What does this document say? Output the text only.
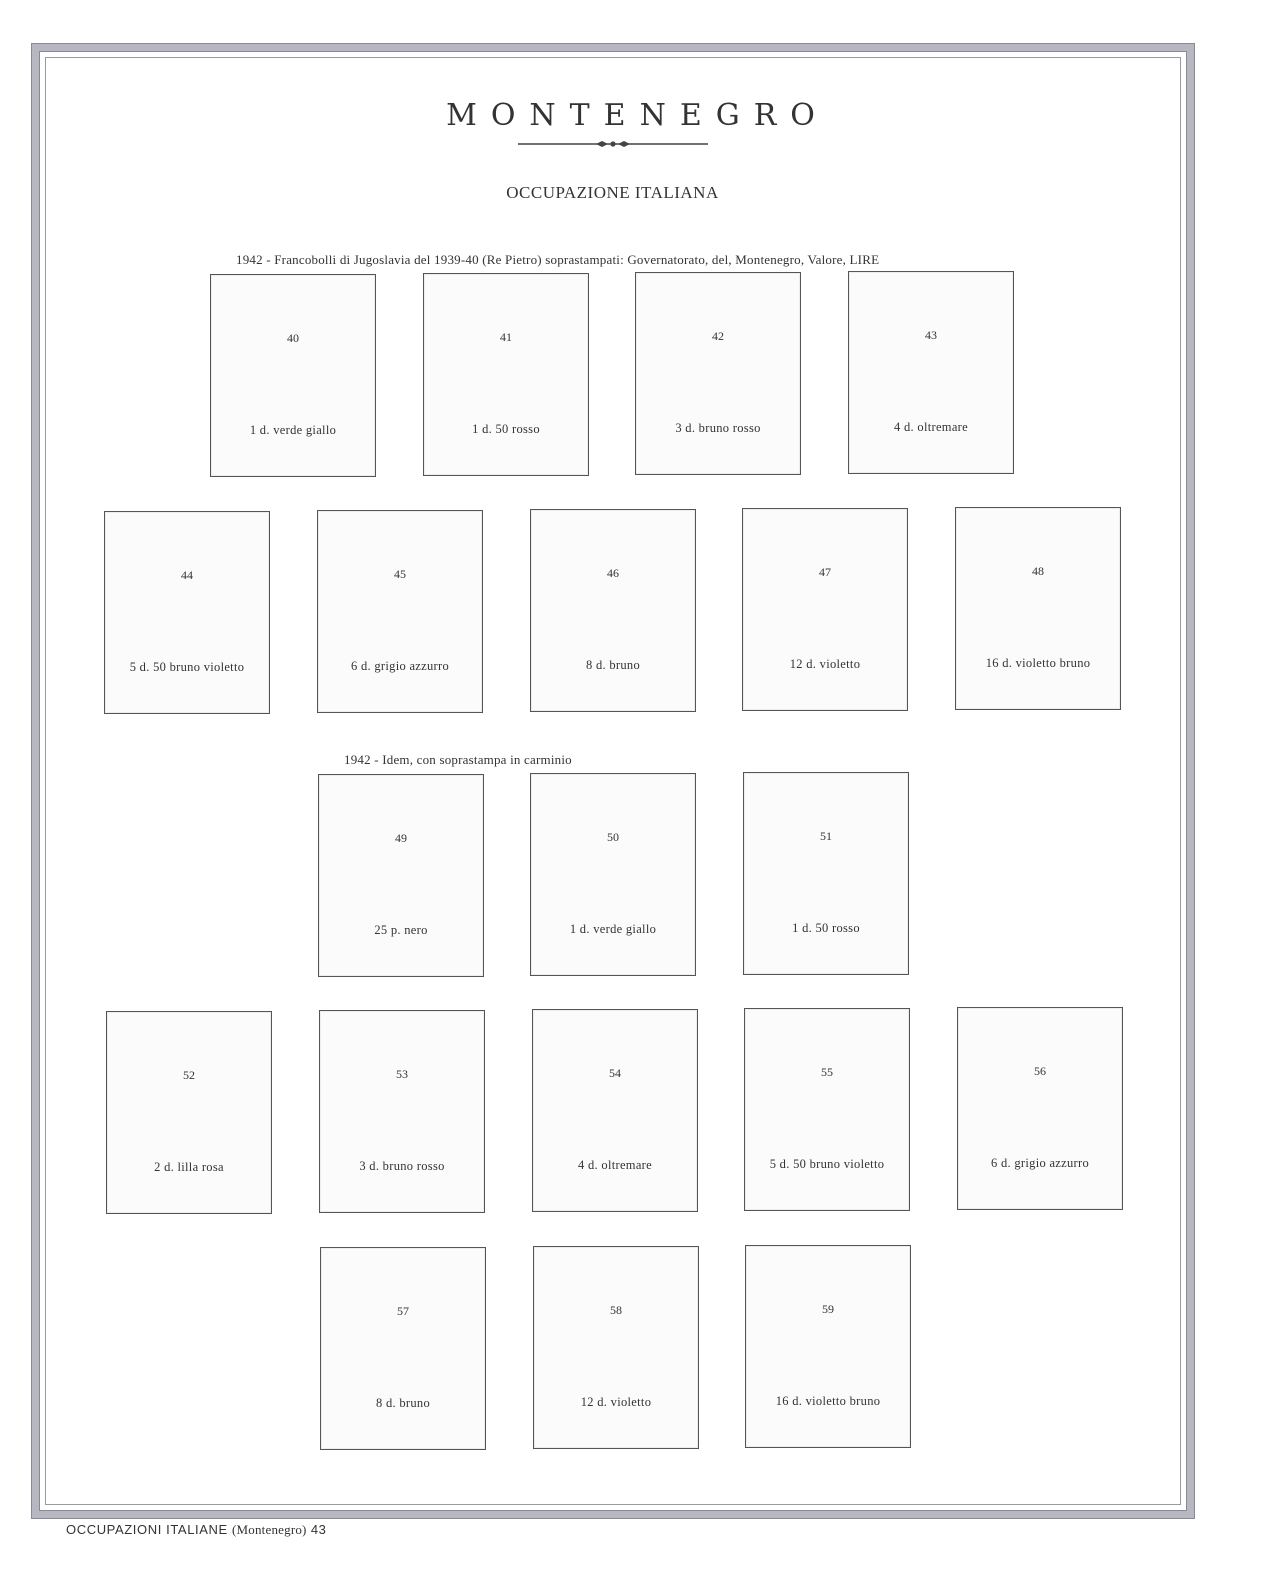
MONTENEGRO
OCCUPAZIONE ITALIANA
1942 - Francobolli di Jugoslavia del 1939-40 (Re Pietro) soprastampati: Governatorato, del, Montenegro, Valore, LIRE
40
1 d. verde giallo
41
1 d. 50 rosso
42
3 d. bruno rosso
43
4 d. oltremare
44
5 d. 50 bruno violetto
45
6 d. grigio azzurro
46
8 d. bruno
47
12 d. violetto
48
16 d. violetto bruno
1942 - Idem, con soprastampa in carminio
49
25 p. nero
50
1 d. verde giallo
51
1 d. 50 rosso
52
2 d. lilla rosa
53
3 d. bruno rosso
54
4 d. oltremare
55
5 d. 50 bruno violetto
56
6 d. grigio azzurro
57
8 d. bruno
58
12 d. violetto
59
16 d. violetto bruno
OCCUPAZIONI ITALIANE (Montenegro) 43
